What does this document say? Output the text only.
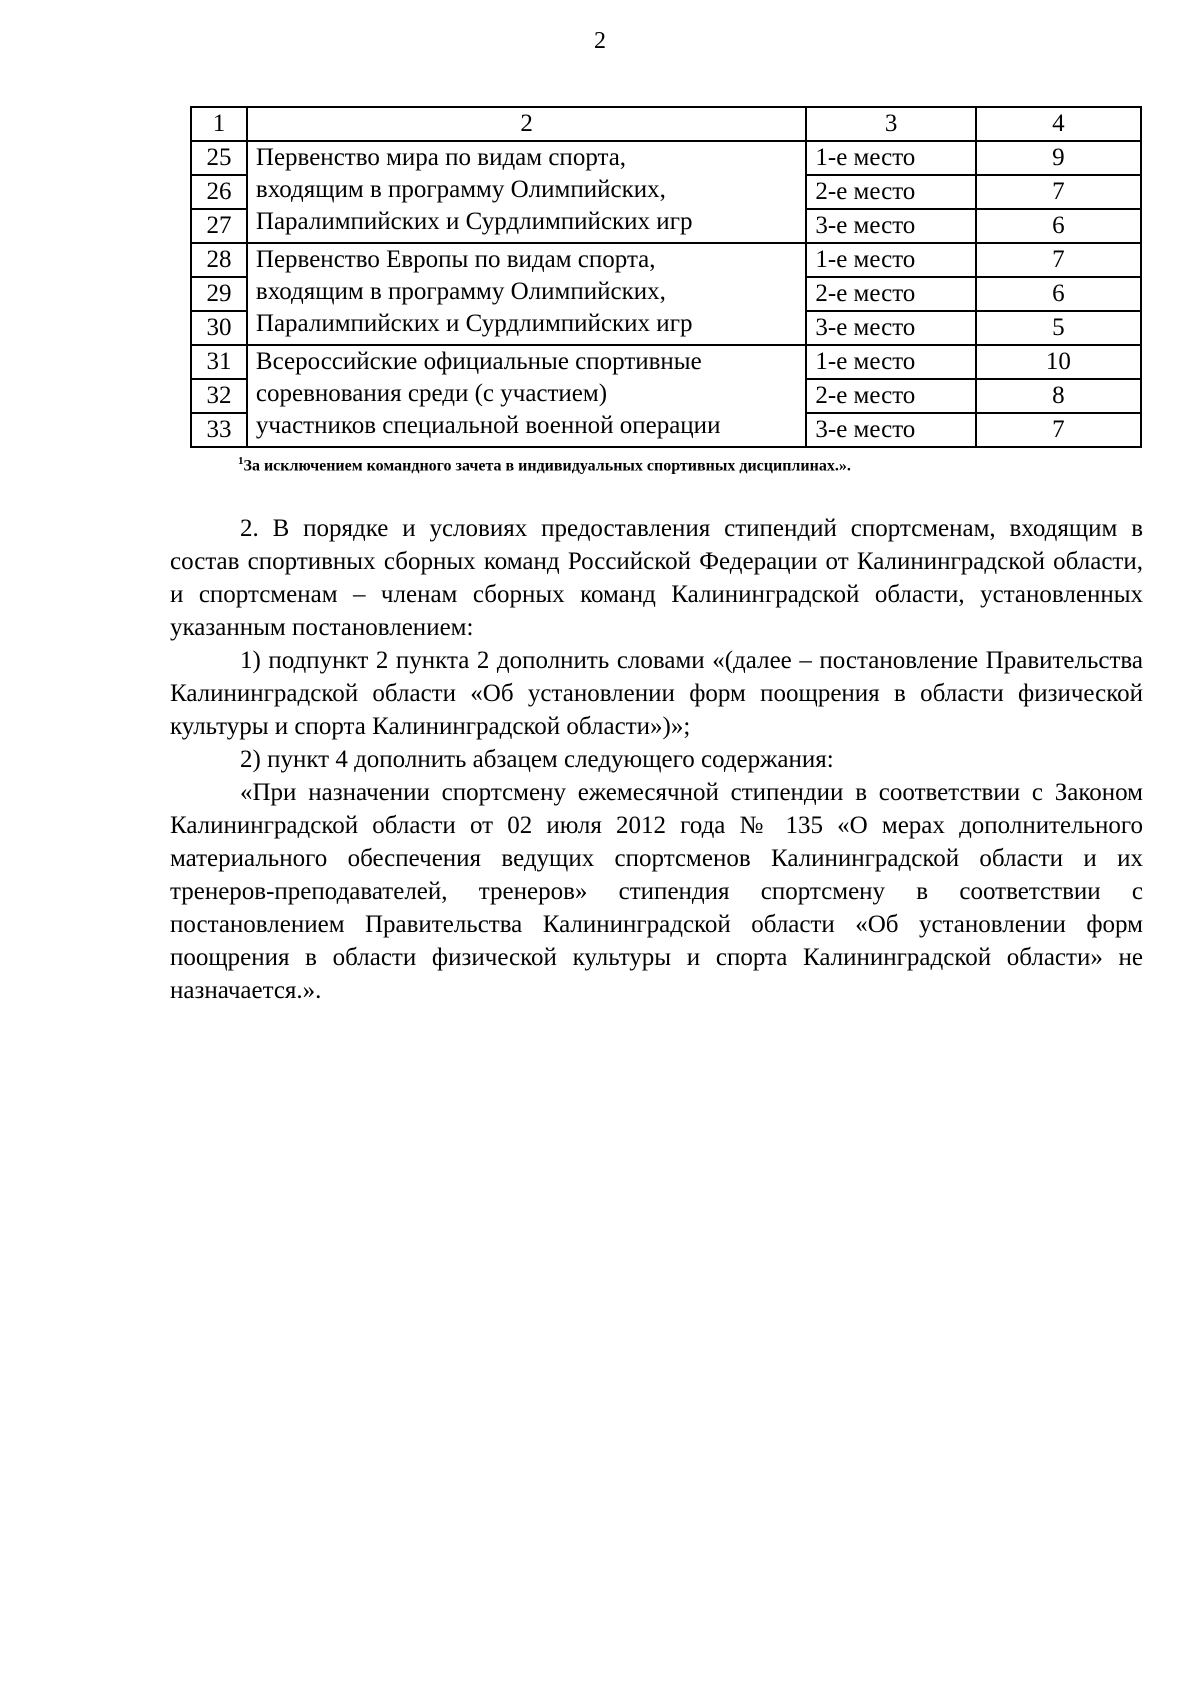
2
1	2	3	4
25	Первенство мира по видам спорта,
входящим в программу Олимпийских,
Паралимпийских и Сурдлимпийских игр	1-е место	9
26		2-е место	7
27		3-е место	6
28	Первенство Европы по видам спорта,
входящим в программу Олимпийских,
Паралимпийских и Сурдлимпийских игр	1-е место	7
29		2-е место	6
30		3-е место	5
31	Всероссийские официальные спортивные
соревнования среди (с участием)
участников специальной военной операции	1-е место	10
32		2-е место	8
33		3-е место	7
$^1$За исключением командного зачета в индивидуальных спортивных дисциплинах.».

2. В порядке и условиях предоставления стипендий спортсменам, входящим в состав спортивных сборных команд Российской Федерации от Калининградской области, и спортсменам – членам сборных команд Калининградской области, установленных указанным постановлением:

1) подпункт 2 пункта 2 дополнить словами «(далее – постановление Правительства Калининградской области «Об установлении форм поощрения в области физической культуры и спорта Калининградской области»)»;

2) пункт 4 дополнить абзацем следующего содержания:

«При назначении спортсмену ежемесячной стипендии в соответствии с Законом Калининградской области от 02 июля 2012 года № 135 «О мерах дополнительного материального обеспечения ведущих спортсменов Калининградской области и их тренеров-преподавателей, тренеров» стипендия спортсмену в соответствии с постановлением Правительства Калининградской области «Об установлении форм поощрения в области физической культуры и спорта Калининградской области» не назначается.».
